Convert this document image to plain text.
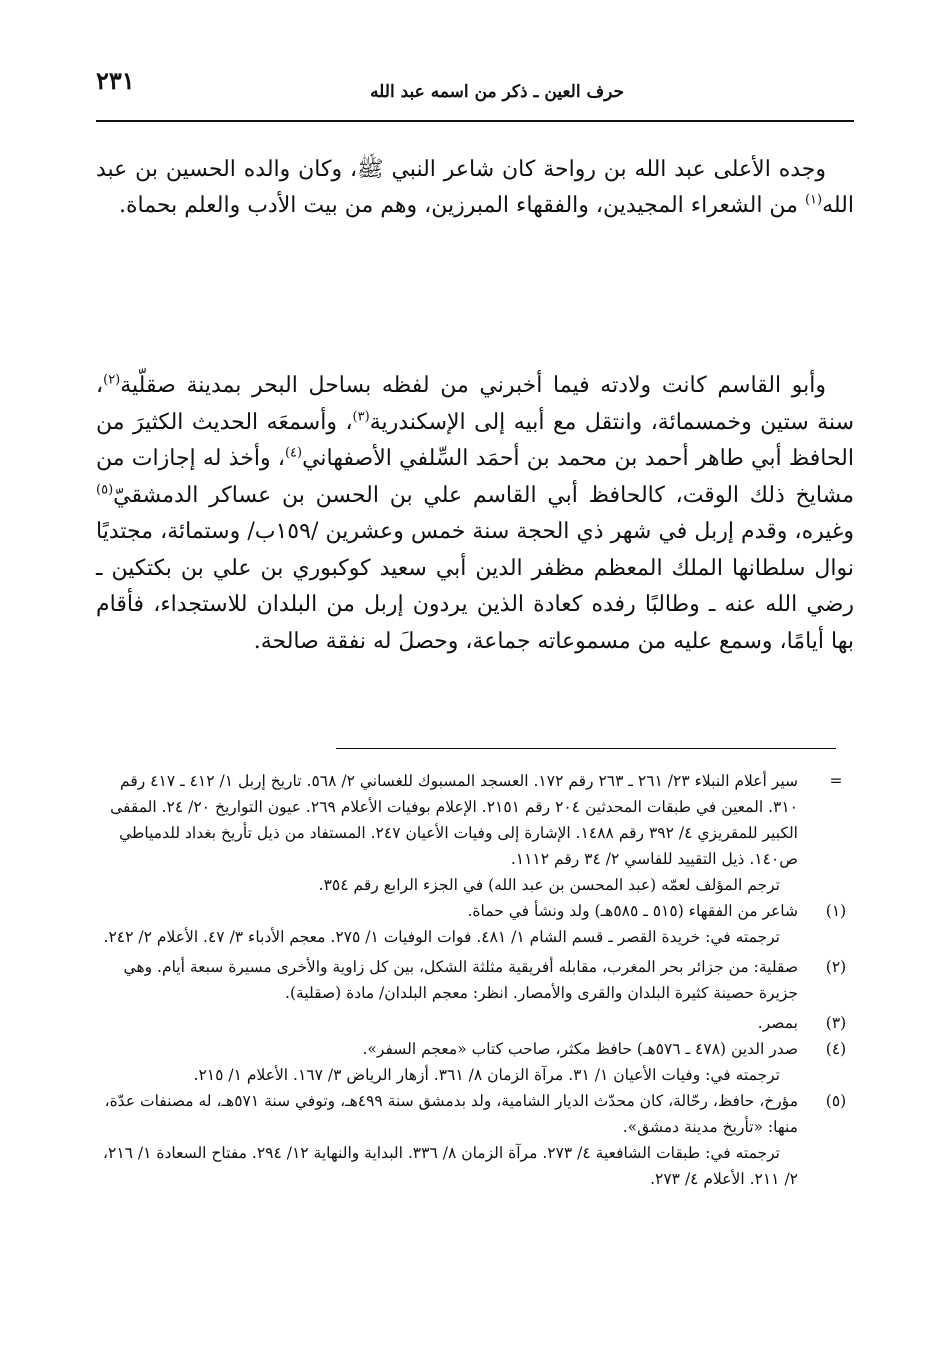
حرف العين ـ ذكر من اسمه عبد الله
٢٣١

وجده الأعلى عبد الله بن رواحة كان شاعر النبي ﷺ، وكان والده الحسين بن عبد الله$^{(١)}$ من الشعراء المجيدين، والفقهاء المبرزين، وهم من بيت الأدب والعلم بحماة.

وأبو القاسم كانت ولادته فيما أخبرني من لفظه بساحل البحر بمدينة صقلّية$^{(٢)}$، سنة ستين وخمسمائة، وانتقل مع أبيه إلى الإسكندرية$^{(٣)}$، وأسمعَه الحديث الكثيرَ من الحافظ أبي طاهر أحمد بن محمد بن أحمَد السِّلفي الأصفهاني$^{(٤)}$، وأخذ له إجازات من مشايخ ذلك الوقت، كالحافظ أبي القاسم علي بن الحسن بن عساكر الدمشقيّ$^{(٥)}$ وغيره، وقدم إربل في شهر ذي الحجة سنة خمس وعشرين /١٥٩ب/ وستمائة، مجتديًا نوال سلطانها الملك المعظم مظفر الدين أبي سعيد كوكبوري بن علي بن بكتكين ـ رضي الله عنه ـ وطالبًا رفده كعادة الذين يردون إربل من البلدان للاستجداء، فأقام بها أيامًا، وسمع عليه من مسموعاته جماعة، وحصلَ له نفقة صالحة.

=

سير أعلام النبلاء ٢٣/ ٢٦١ ـ ٢٦٣ رقم ١٧٢. العسجد المسبوك للغساني ٢/ ٥٦٨. تاريخ إربل ١/ ٤١٢ ـ ٤١٧ رقم ٣١٠. المعين في طبقات المحدثين ٢٠٤ رقم ٢١٥١. الإعلام بوفيات الأعلام ٢٦٩. عيون التواريخ ٢٠/ ٢٤. المقفى الكبير للمقريزي ٤/ ٣٩٢ رقم ١٤٨٨. الإشارة إلى وفيات الأعيان ٢٤٧. المستفاد من ذيل تأريخ بغداد للدمياطي ص١٤٠. ذيل التقييد للفاسي ٢/ ٣٤ رقم ١١١٢.

ترجم المؤلف لعمّه (عبد المحسن بن عبد الله) في الجزء الرابع رقم ٣٥٤.

(١)

شاعر من الفقهاء (٥١٥ ـ ٥٨٥هـ) ولد ونشأ في حماة.

ترجمته في: خريدة القصر ـ قسم الشام ١/ ٤٨١. فوات الوفيات ١/ ٢٧٥. معجم الأدباء ٣/ ٤٧. الأعلام ٢/ ٢٤٢.

(٢)

صقلية: من جزائر بحر المغرب، مقابله أفريقية مثلثة الشكل، بين كل زاوية والأخرى مسيرة سبعة أيام. وهي جزيرة حصينة كثيرة البلدان والقرى والأمصار. انظر: معجم البلدان/ مادة (صقلية).

(٣)

بمصر.

(٤)

صدر الدين (٤٧٨ ـ ٥٧٦هـ) حافظ مكثر، صاحب كتاب «معجم السفر».

ترجمته في: وفيات الأعيان ١/ ٣١. مرآة الزمان ٨/ ٣٦١. أزهار الرياض ٣/ ١٦٧. الأعلام ١/ ٢١٥.

(٥)

مؤرخ، حافظ، رحّالة، كان محدّث الديار الشامية، ولد بدمشق سنة ٤٩٩هـ، وتوفي سنة ٥٧١هـ، له مصنفات عدّة، منها: «تأريخ مدينة دمشق».

ترجمته في: طبقات الشافعية ٤/ ٢٧٣. مرآة الزمان ٨/ ٣٣٦. البداية والنهاية ١٢/ ٢٩٤. مفتاح السعادة ١/ ٢١٦، ٢/ ٢١١. الأعلام ٤/ ٢٧٣.
